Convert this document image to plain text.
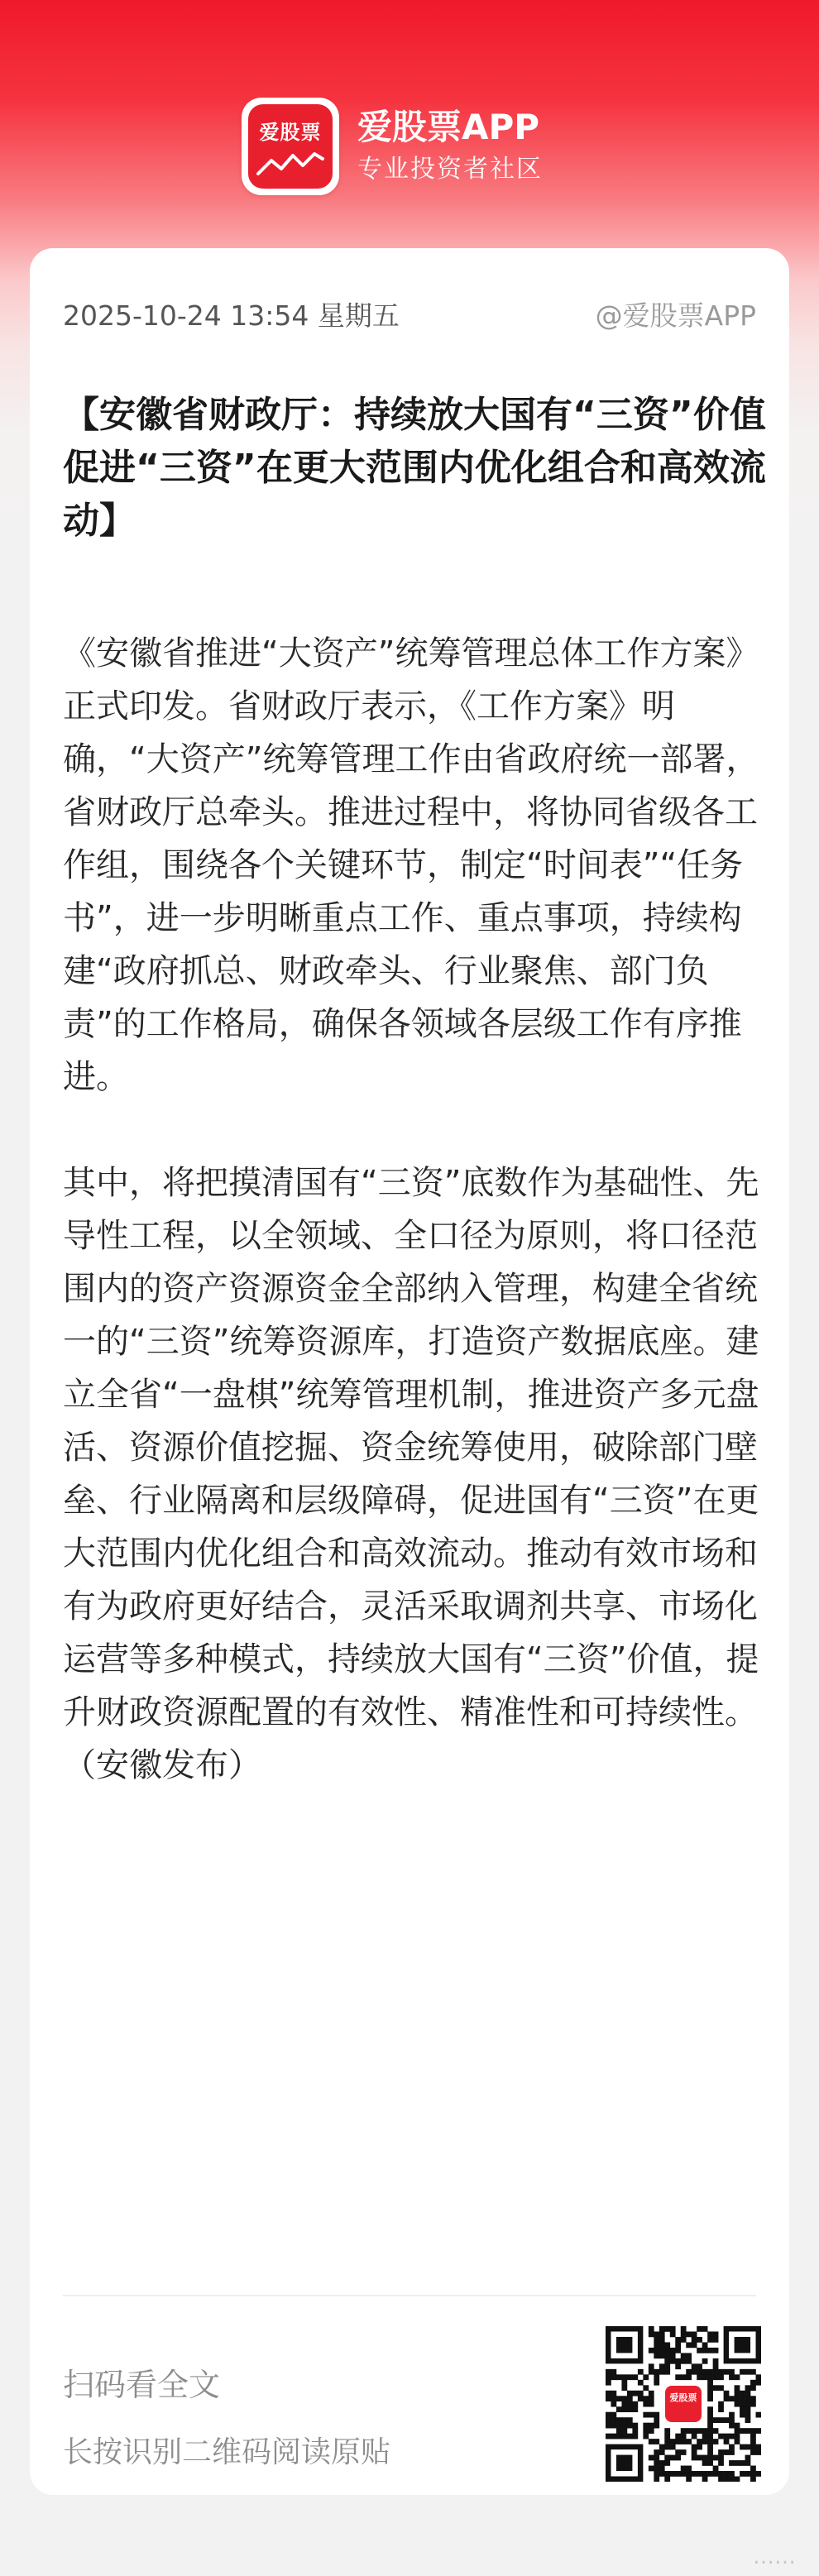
爱股票 爱股票APP
专业投资者社区
2025-10-24 13:54 星期五	@爱股票APP
【安徽省财政厅：持续放大国有“三资”价值 促进“三资”在更大范围内优化组合和高效流动】

《安徽省推进“大资产”统筹管理总体工作方案》正式印发。省财政厅表示，《工作方案》明确，“大资产”统筹管理工作由省政府统一部署，省财政厅总牵头。推进过程中，将协同省级各工作组，围绕各个关键环节，制定“时间表”“任务书”，进一步明晰重点工作、重点事项，持续构建“政府抓总、财政牵头、行业聚焦、部门负责”的工作格局，确保各领域各层级工作有序推进。

其中，将把摸清国有“三资”底数作为基础性、先导性工程，以全领域、全口径为原则，将口径范围内的资产资源资金全部纳入管理，构建全省统一的“三资”统筹资源库，打造资产数据底座。建立全省“一盘棋”统筹管理机制，推进资产多元盘活、资源价值挖掘、资金统筹使用，破除部门壁垒、行业隔离和层级障碍，促进国有“三资”在更大范围内优化组合和高效流动。推动有效市场和有为政府更好结合，灵活采取调剂共享、市场化运营等多种模式，持续放大国有“三资”价值，提升财政资源配置的有效性、精准性和可持续性。（安徽发布）

扫码看全文
长按识别二维码阅读原贴
爱股票
……
